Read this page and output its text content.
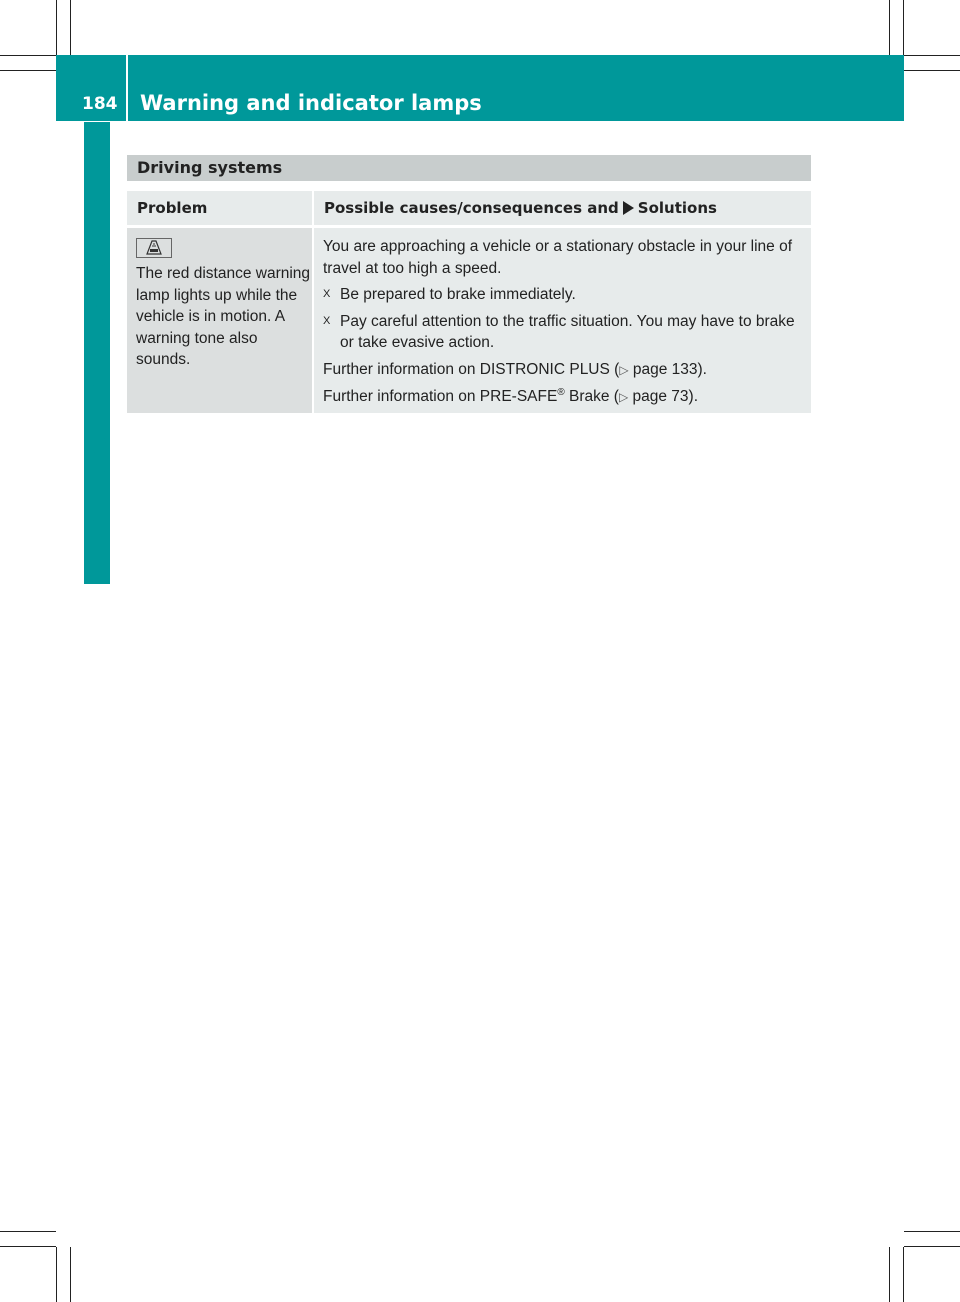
184 Warning and indicator lamps
On-board computer and displays	Driving systems
Problem	Possible causes/consequences and Solutions
The red distance warning lamp lights up while the vehicle is in motion. A warning tone also sounds.

You are approaching a vehicle or a stationary obstacle in your line of travel at too high a speed.

X Be prepared to brake immediately.
X Pay careful attention to the traffic situation. You may have to brake or take evasive action.

Further information on DISTRONIC PLUS (▷ page 133).

Further information on PRE-SAFE® Brake (▷ page 73).
